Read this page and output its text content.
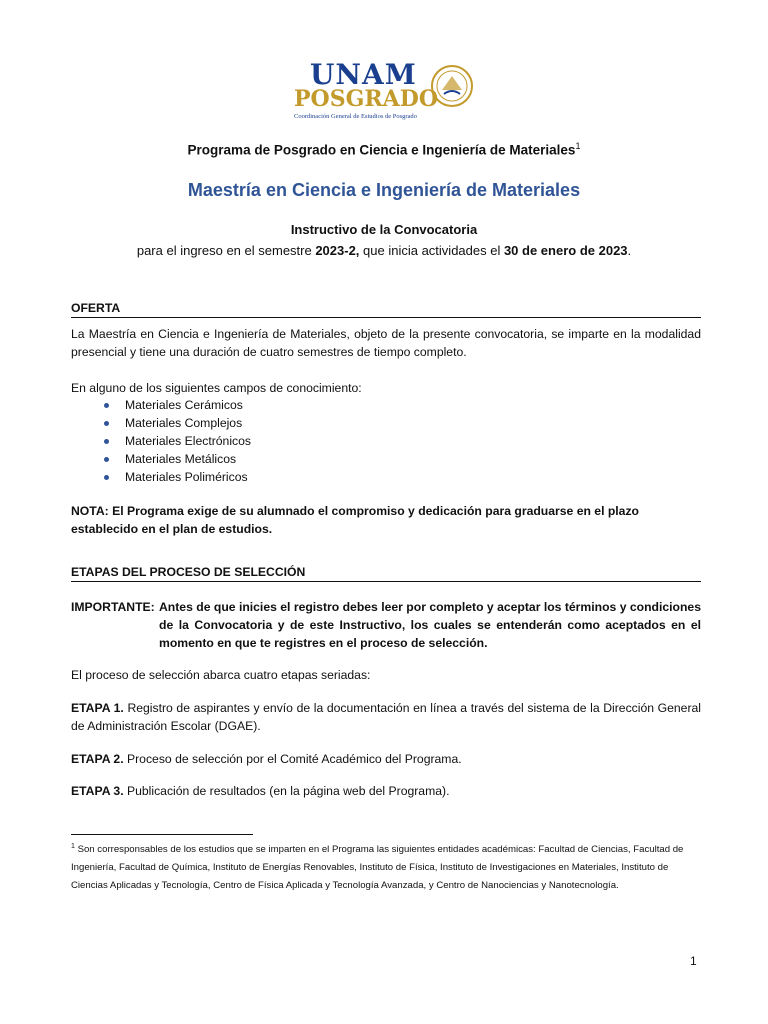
UNAM
POSGRADO
Coordinación General de Estudios de Posgrado
Programa de Posgrado en Ciencia e Ingeniería de Materiales$^1$
Maestría en Ciencia e Ingeniería de Materiales
Instructivo de la Convocatoria
para el ingreso en el semestre 2023-2, que inicia actividades el 30 de enero de 2023.
OFERTA
La Maestría en Ciencia e Ingeniería de Materiales, objeto de la presente convocatoria, se imparte en la modalidad presencial y tiene una duración de cuatro semestres de tiempo completo.
En alguno de los siguientes campos de conocimiento:
Materiales Cerámicos
Materiales Complejos
Materiales Electrónicos
Materiales Metálicos
Materiales Poliméricos
NOTA: El Programa exige de su alumnado el compromiso y dedicación para graduarse en el plazo establecido en el plan de estudios.
ETAPAS DEL PROCESO DE SELECCIÓN
IMPORTANTE: Antes de que inicies el registro debes leer por completo y aceptar los términos y condiciones de la Convocatoria y de este Instructivo, los cuales se entenderán como aceptados en el momento en que te registres en el proceso de selección.
El proceso de selección abarca cuatro etapas seriadas:
ETAPA 1. Registro de aspirantes y envío de la documentación en línea a través del sistema de la Dirección General de Administración Escolar (DGAE).
ETAPA 2. Proceso de selección por el Comité Académico del Programa.
ETAPA 3. Publicación de resultados (en la página web del Programa).
$^1$ Son corresponsables de los estudios que se imparten en el Programa las siguientes entidades académicas: Facultad de Ciencias, Facultad de Ingeniería, Facultad de Química, Instituto de Energías Renovables, Instituto de Física, Instituto de Investigaciones en Materiales, Instituto de Ciencias Aplicadas y Tecnología, Centro de Física Aplicada y Tecnología Avanzada, y Centro de Nanociencias y Nanotecnología.
1
